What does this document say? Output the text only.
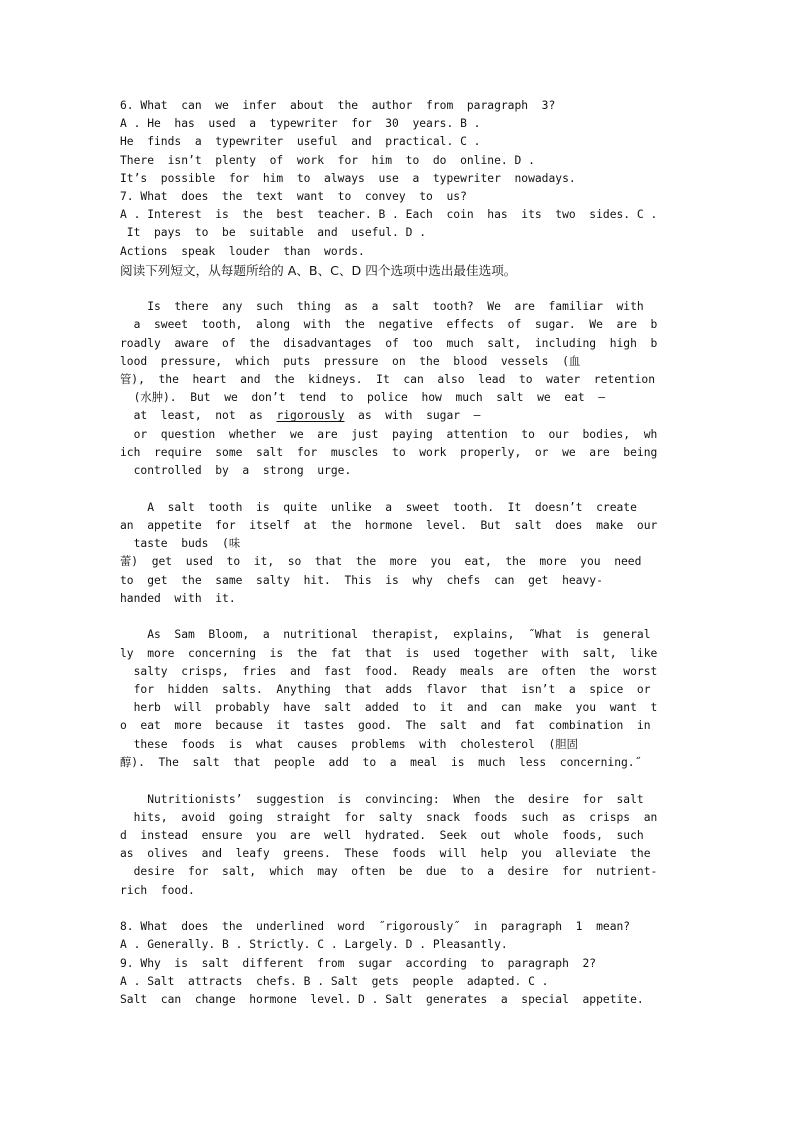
6. What  can  we  infer  about  the  author  from  paragraph  3?
A . He  has  used  a  typewriter  for  30  years. B .
He  finds  a  typewriter  useful  and  practical. C .
There  isn’t  plenty  of  work  for  him  to  do  online. D .
It’s  possible  for  him  to  always  use  a  typewriter  nowadays.
7. What  does  the  text  want  to  convey  to  us?
A . Interest  is  the  best  teacher. B . Each  coin  has  its  two  sides. C .
It  pays  to  be  suitable  and  useful. D .
Actions  speak  louder  than  words.
阅读下列短文，从每题所给的 A、B、C、D 四个选项中选出最佳选项。
Is  there  any  such  thing  as  a  salt  tooth?  We  are  familiar  with
a  sweet  tooth,  along  with  the  negative  effects  of  sugar.  We  are  b
roadly  aware  of  the  disadvantages  of  too  much  salt,  including  high  b
lood  pressure,  which  puts  pressure  on  the  blood  vessels  (血
管),  the  heart  and  the  kidneys.  It  can  also  lead  to  water  retention
(水肿).  But  we  don’t  tend  to  police  how  much  salt  we  eat  —
at  least,  not  as  rigorously  as  with  sugar  —
or  question  whether  we  are  just  paying  attention  to  our  bodies,  wh
ich  require  some  salt  for  muscles  to  work  properly,  or  we  are  being
controlled  by  a  strong  urge.
A  salt  tooth  is  quite  unlike  a  sweet  tooth.  It  doesn’t  create
an  appetite  for  itself  at  the  hormone  level.  But  salt  does  make  our
taste  buds  (味
蕾)  get  used  to  it,  so  that  the  more  you  eat,  the  more  you  need
to  get  the  same  salty  hit.  This  is  why  chefs  can  get  heavy-
handed  with  it.
As  Sam  Bloom,  a  nutritional  therapist,  explains,  ˝What  is  general
ly  more  concerning  is  the  fat  that  is  used  together  with  salt,  like
salty  crisps,  fries  and  fast  food.  Ready  meals  are  often  the  worst
for  hidden  salts.  Anything  that  adds  flavor  that  isn’t  a  spice  or
herb  will  probably  have  salt  added  to  it  and  can  make  you  want  t
o  eat  more  because  it  tastes  good.  The  salt  and  fat  combination  in
these  foods  is  what  causes  problems  with  cholesterol  (胆固
醇).  The  salt  that  people  add  to  a  meal  is  much  less  concerning.˝
Nutritionists’  suggestion  is  convincing:  When  the  desire  for  salt
hits,  avoid  going  straight  for  salty  snack  foods  such  as  crisps  an
d  instead  ensure  you  are  well  hydrated.  Seek  out  whole  foods,  such
as  olives  and  leafy  greens.  These  foods  will  help  you  alleviate  the
desire  for  salt,  which  may  often  be  due  to  a  desire  for  nutrient-
rich  food.
8. What  does  the  underlined  word  ˝rigorously˝  in  paragraph  1  mean?
A . Generally. B . Strictly. C . Largely. D . Pleasantly.
9. Why  is  salt  different  from  sugar  according  to  paragraph  2?
A . Salt  attracts  chefs. B . Salt  gets  people  adapted. C .
Salt  can  change  hormone  level. D . Salt  generates  a  special  appetite.
